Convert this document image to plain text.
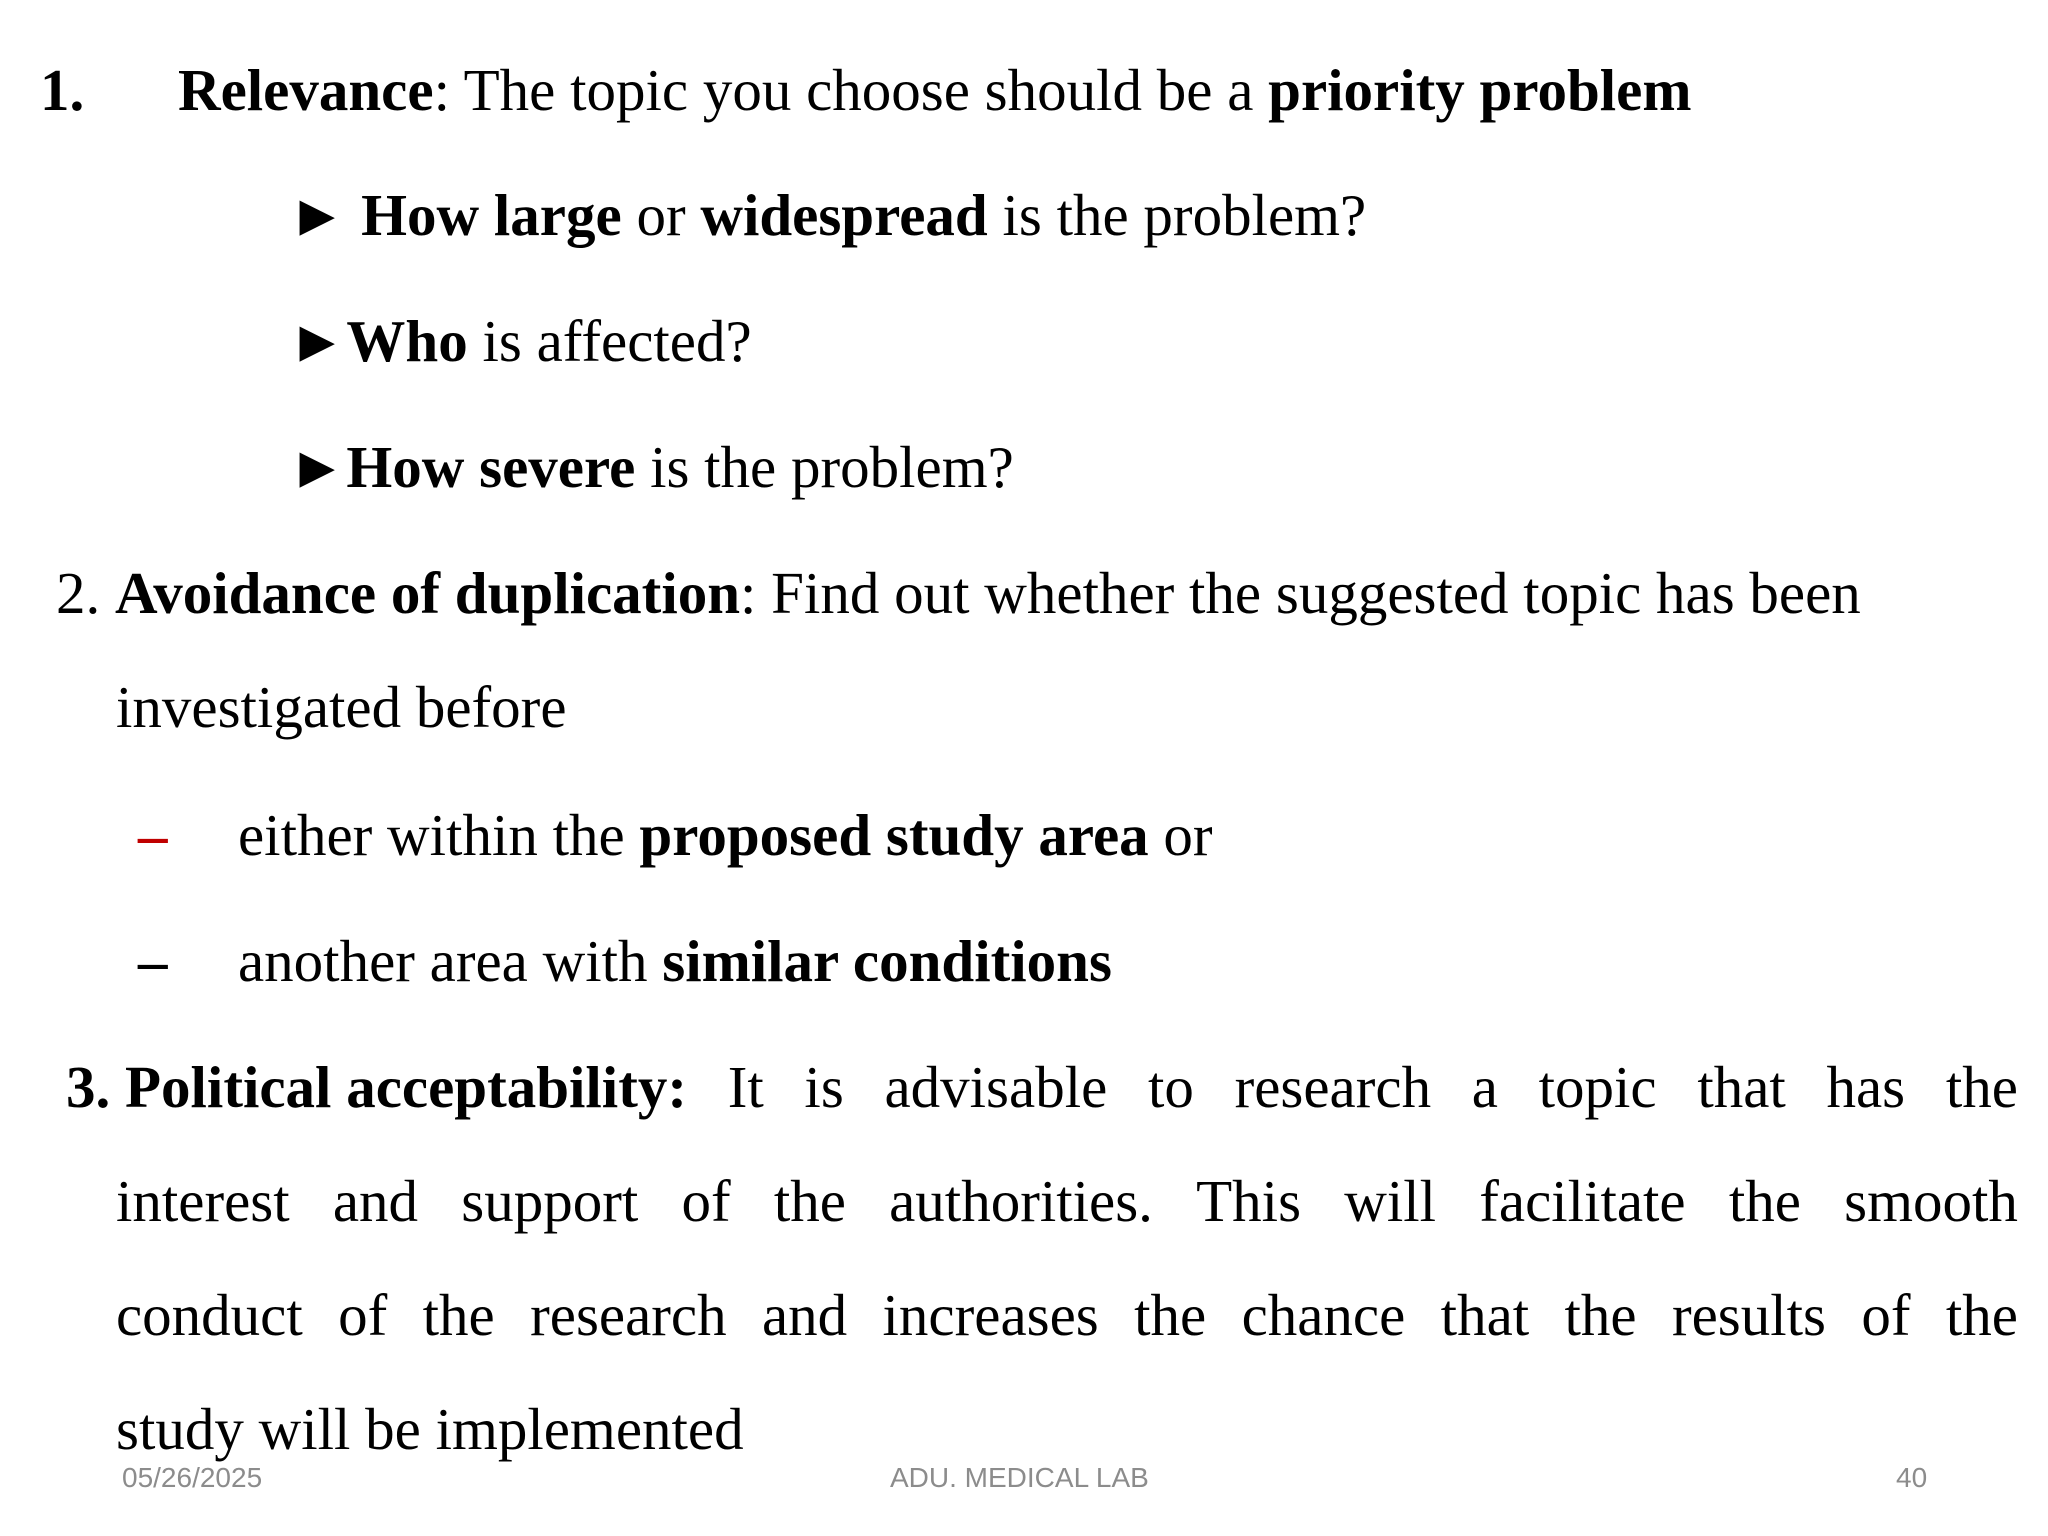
1. Relevance: The topic you choose should be a priority problem
► How large or widespread is the problem?
►Who is affected?
►How severe is the problem?
2. Avoidance of duplication: Find out whether the suggested topic has been
investigated before
– either within the proposed study area or
– another area with similar conditions
3. Political acceptability: It is advisable to research a topic that has the
interest and support of the authorities. This will facilitate the smooth
conduct of the research and increases the chance that the results of the
study will be implemented
05/26/2025	ADU. MEDICAL LAB	40
